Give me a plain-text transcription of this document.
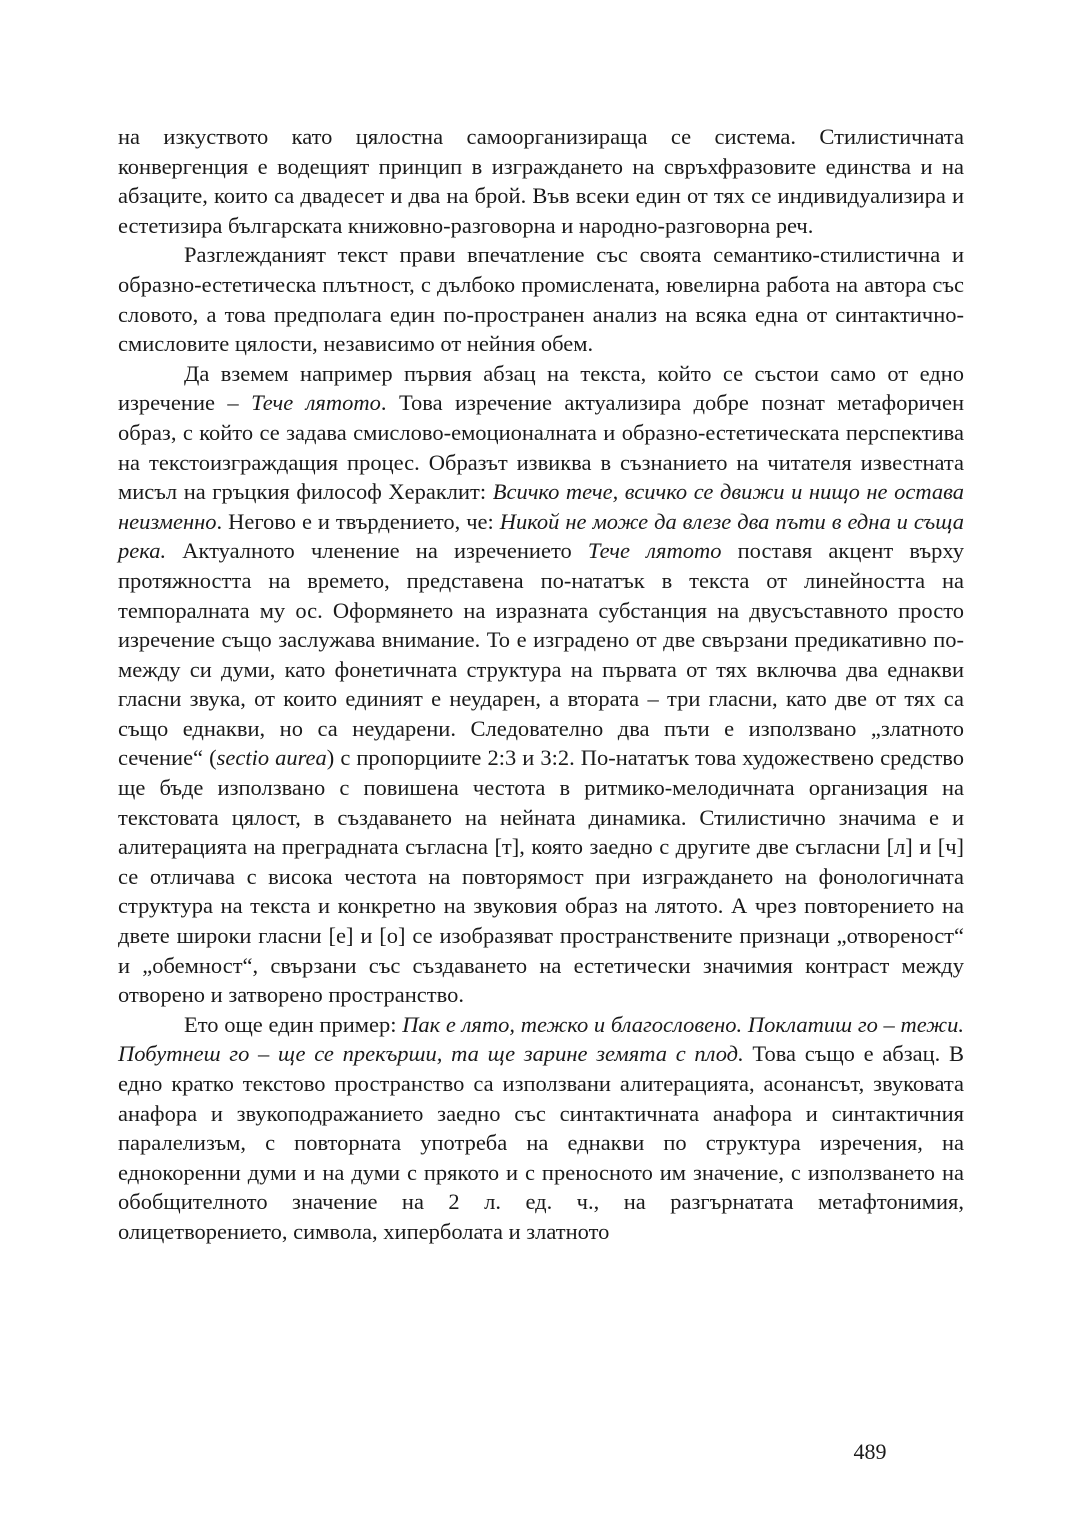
на изкуството като цялостна самоорганизираща се система. Стилистичната конвергенция е водещият принцип в изграждането на свръхфразовите единства и на абзаците, които са двадесет и два на брой. Във всеки един от тях се индивидуализира и естетизира българската книжовно-разговорна и народно-разговорна реч.

Разглежданият текст прави впечатление със своята семантико-стилистична и образно-естетическа плътност, с дълбоко промислената, ювелирна работа на автора със словото, а това предполага един по-пространен анализ на всяка една от синтактично-смисловите цялости, независимо от нейния обем.

Да вземем например първия абзац на текста, който се състои само от едно изречение – Тече лятото. Това изречение актуализира добре познат метафоричен образ, с който се задава смислово-емоционалната и образно-естетическата перспектива на текстоизграждащия процес. Образът извиква в съзнанието на читателя известната мисъл на гръцкия философ Хераклит: Всичко тече, всичко се движи и нищо не остава неизменно. Негово е и твърдението, че: Никой не може да влезе два пъти в една и съща река. Актуалното членение на изречението Тече лятото поставя акцент върху протяжността на времето, представена по-нататък в текста от линейността на темпоралната му ос. Оформянето на изразната субстанция на двусъставното просто изречение също заслужава внимание. То е изградено от две свързани предикативно помежду си думи, като фонетичната структура на първата от тях включва два еднакви гласни звука, от които единият е неударен, а втората – три гласни, като две от тях са също еднакви, но са неударени. Следователно два пъти е използвано „златното сечение“ (sectio aurea) с пропорциите 2:3 и 3:2. По-нататък това художествено средство ще бъде използвано с повишена честота в ритмико-мелодичната организация на текстовата цялост, в създаването на нейната динамика. Стилистично значима е и алитерацията на преградната съгласна [т], която заедно с другите две съгласни [л] и [ч] се отличава с висока честота на повторямост при изграждането на фонологичната структура на текста и конкретно на звуковия образ на лятото. А чрез повторението на двете широки гласни [е] и [о] се изобразяват пространствените признаци „отвореност“ и „обемност“, свързани със създаването на естетически значимия контраст между отворено и затворено пространство.

Ето още един пример: Пак е лято, тежко и благословено. Поклатиш го – тежи. Побутнеш го – ще се прекърши, та ще зарине земята с плод. Това също е абзац. В едно кратко текстово пространство са използвани алитерацията, асонансът, звуковата анафора и звукоподражанието заедно със синтактичната анафора и синтактичния паралелизъм, с повторната употреба на еднакви по структура изречения, на еднокоренни думи и на думи с прякото и с преносното им значение, с използването на обобщителното значение на 2 л. ед. ч., на разгърнатата метафтонимия, олицетворението, символа, хиперболата и златното

489
